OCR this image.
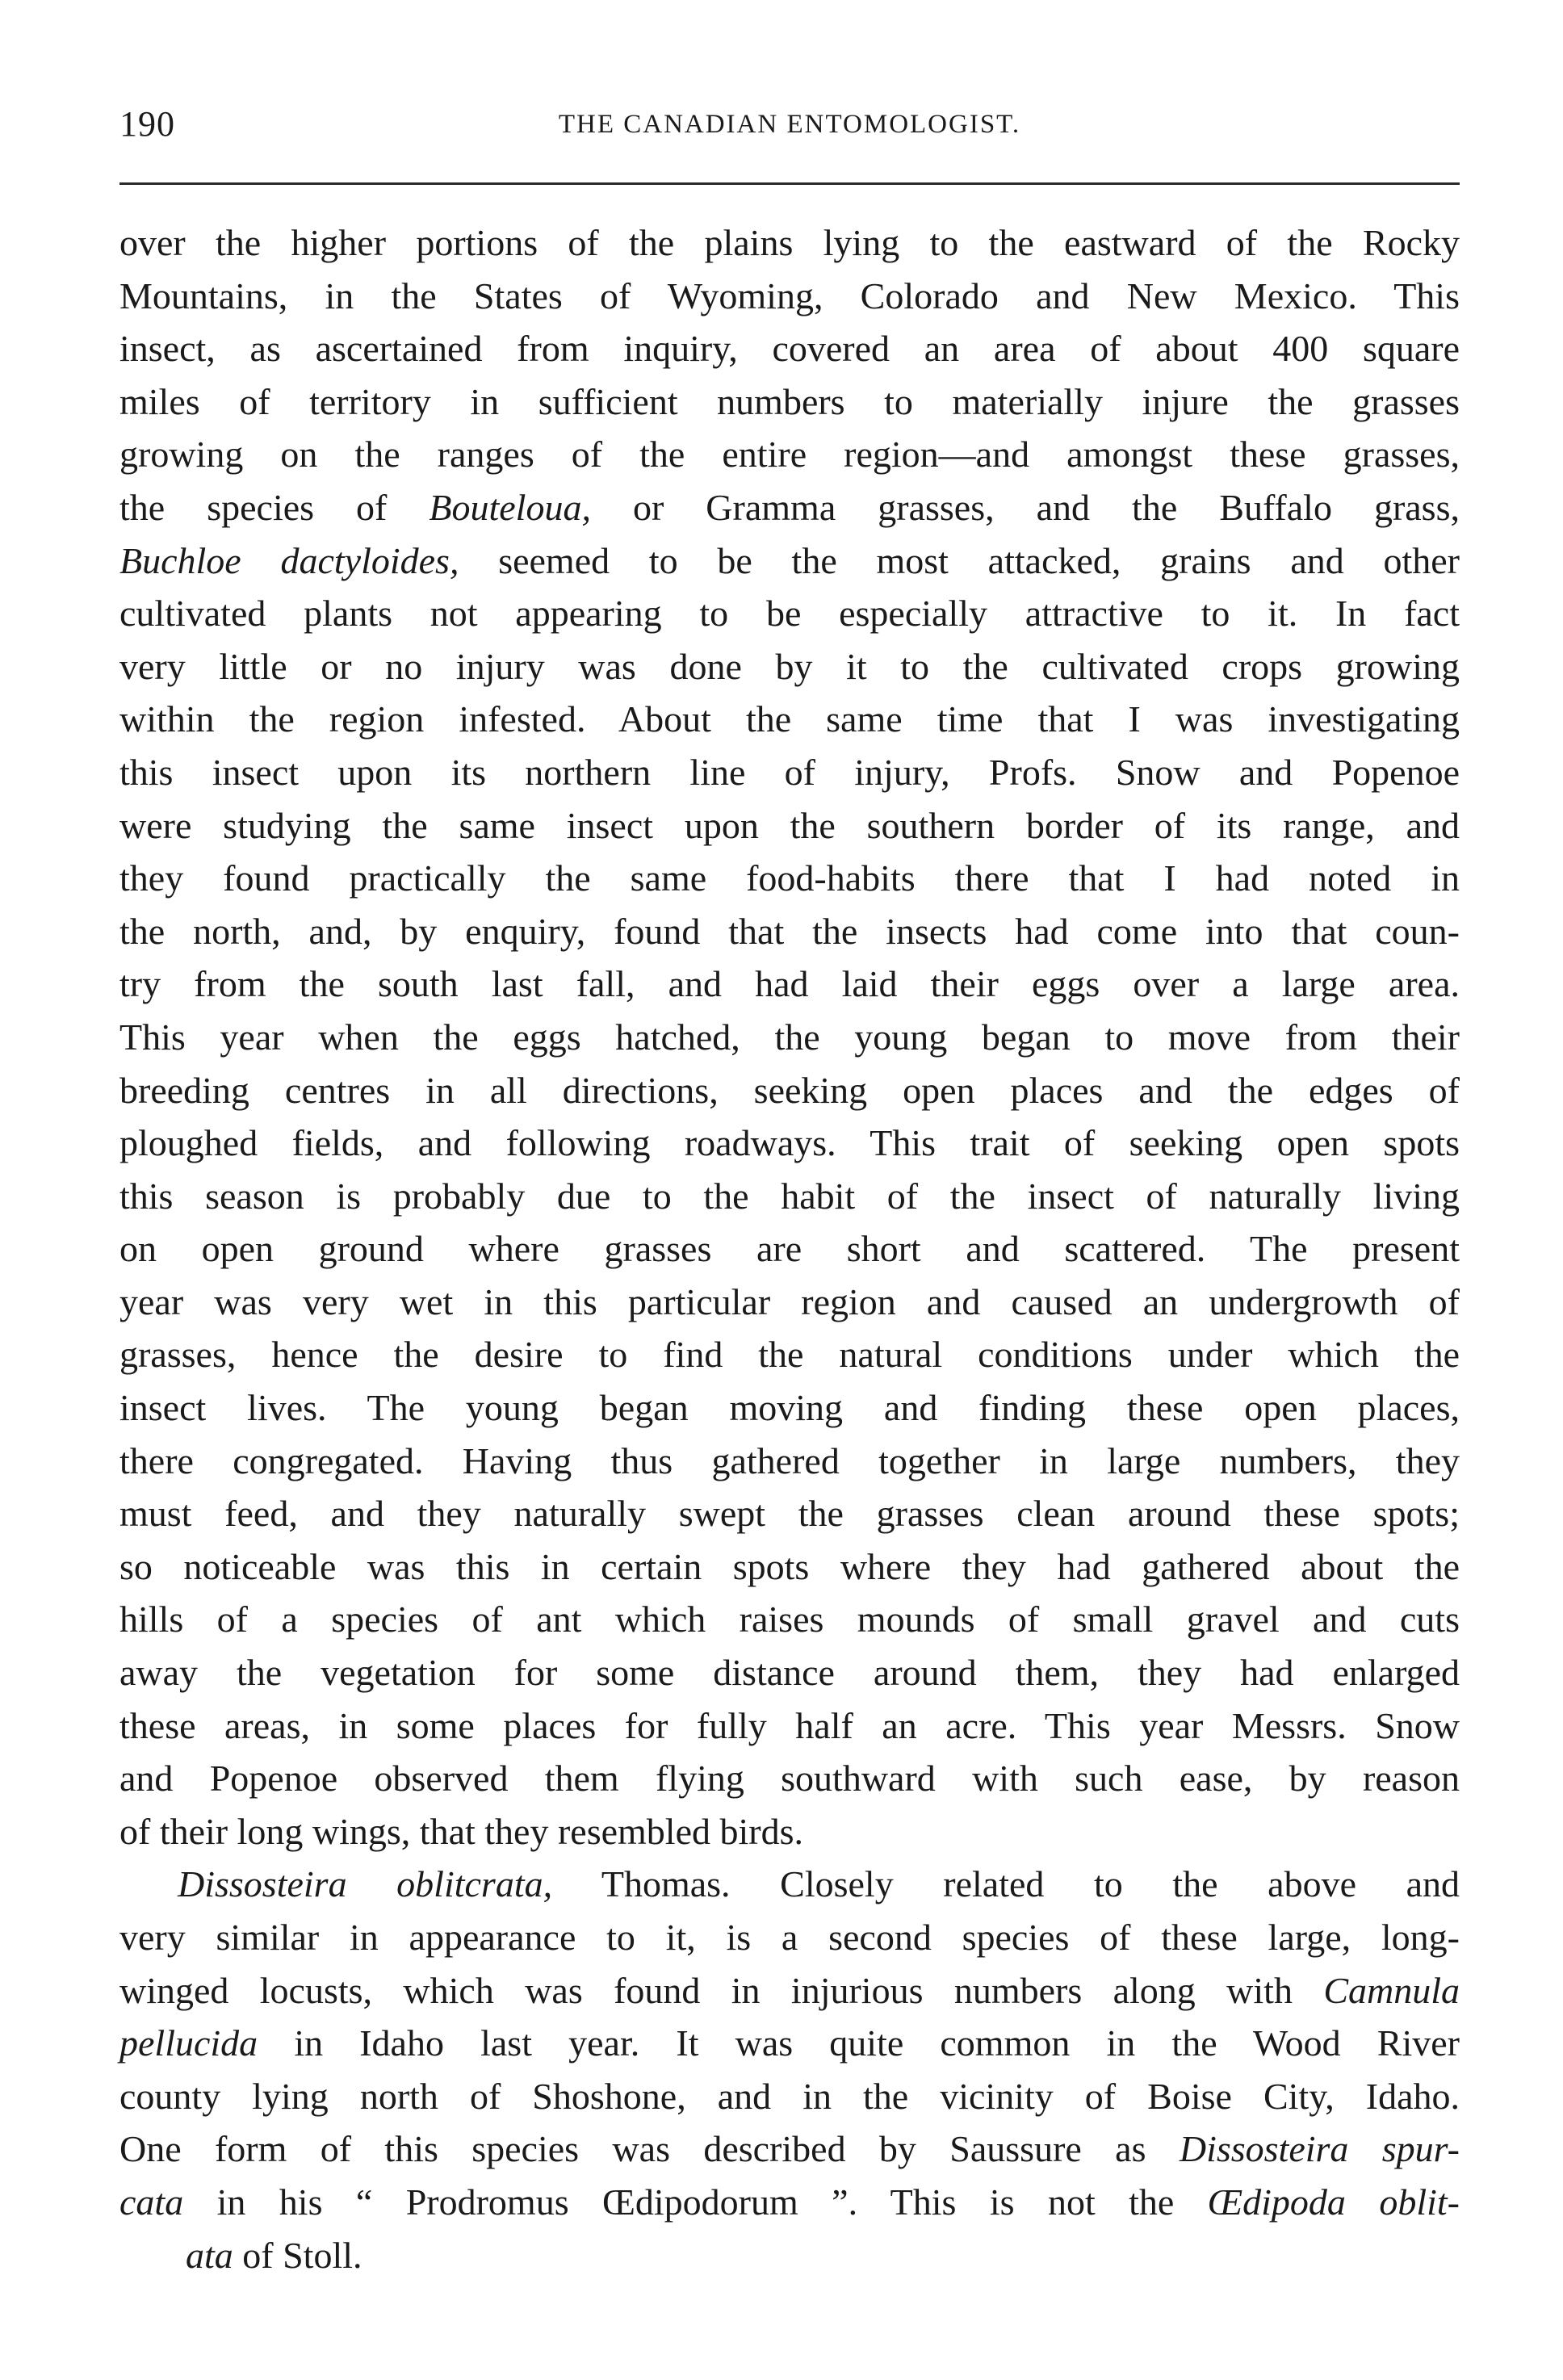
190	THE CANADIAN ENTOMOLOGIST.
over the higher portions of the plains lying to the eastward of the Rocky
Mountains, in the States of Wyoming, Colorado and New Mexico. This
insect, as ascertained from inquiry, covered an area of about 400 square
miles of territory in sufficient numbers to materially injure the grasses
growing on the ranges of the entire region—and amongst these grasses,
the species of Bouteloua, or Gramma grasses, and the Buffalo grass,
Buchloe dactyloides, seemed to be the most attacked, grains and other
cultivated plants not appearing to be especially attractive to it. In fact
very little or no injury was done by it to the cultivated crops growing
within the region infested. About the same time that I was investigating
this insect upon its northern line of injury, Profs. Snow and Popenoe
were studying the same insect upon the southern border of its range, and
they found practically the same food-habits there that I had noted in
the north, and, by enquiry, found that the insects had come into that coun-
try from the south last fall, and had laid their eggs over a large area.
This year when the eggs hatched, the young began to move from their
breeding centres in all directions, seeking open places and the edges of
ploughed fields, and following roadways. This trait of seeking open spots
this season is probably due to the habit of the insect of naturally living
on open ground where grasses are short and scattered. The present
year was very wet in this particular region and caused an undergrowth of
grasses, hence the desire to find the natural conditions under which the
insect lives. The young began moving and finding these open places,
there congregated. Having thus gathered together in large numbers, they
must feed, and they naturally swept the grasses clean around these spots;
so noticeable was this in certain spots where they had gathered about the
hills of a species of ant which raises mounds of small gravel and cuts
away the vegetation for some distance around them, they had enlarged
these areas, in some places for fully half an acre. This year Messrs. Snow
and Popenoe observed them flying southward with such ease, by reason
of their long wings, that they resembled birds.
Dissosteira oblitcrata, Thomas. Closely related to the above and
very similar in appearance to it, is a second species of these large, long-
winged locusts, which was found in injurious numbers along with Camnula
pellucida in Idaho last year. It was quite common in the Wood River
county lying north of Shoshone, and in the vicinity of Boise City, Idaho.
One form of this species was described by Saussure as Dissosteira spur-
cata in his “ Prodromus Œdipodorum ”. This is not the Œdipoda oblit-
ata of Stoll.
